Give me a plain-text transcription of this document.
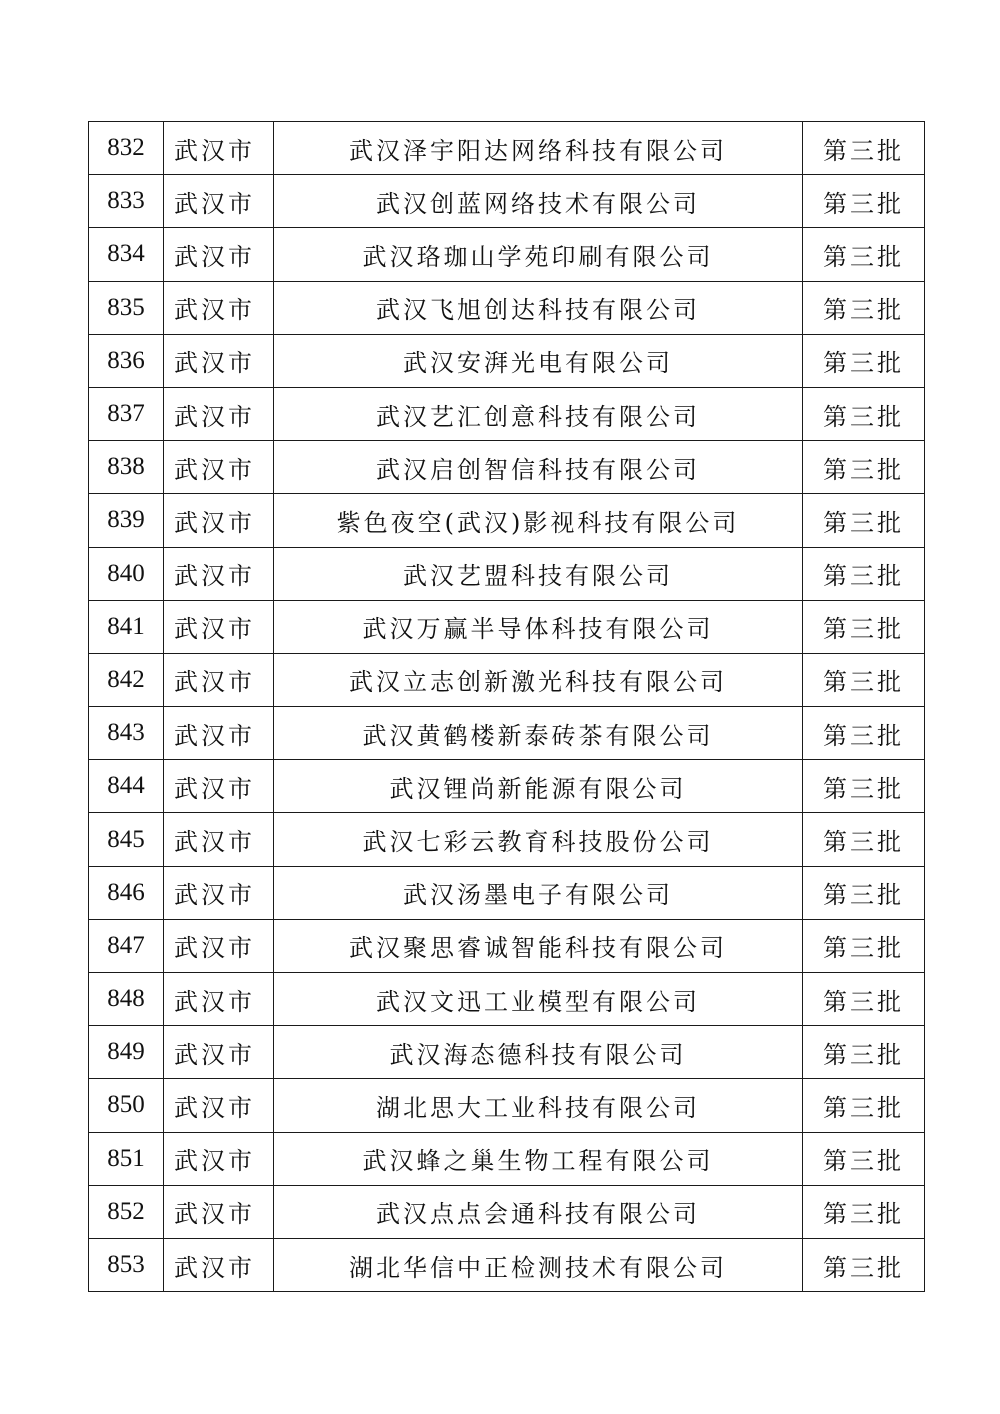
832	武汉市	武汉泽宇阳达网络科技有限公司	第三批
833	武汉市	武汉创蓝网络技术有限公司	第三批
834	武汉市	武汉珞珈山学苑印刷有限公司	第三批
835	武汉市	武汉飞旭创达科技有限公司	第三批
836	武汉市	武汉安湃光电有限公司	第三批
837	武汉市	武汉艺汇创意科技有限公司	第三批
838	武汉市	武汉启创智信科技有限公司	第三批
839	武汉市	紫色夜空(武汉)影视科技有限公司	第三批
840	武汉市	武汉艺盟科技有限公司	第三批
841	武汉市	武汉万赢半导体科技有限公司	第三批
842	武汉市	武汉立志创新激光科技有限公司	第三批
843	武汉市	武汉黄鹤楼新泰砖茶有限公司	第三批
844	武汉市	武汉锂尚新能源有限公司	第三批
845	武汉市	武汉七彩云教育科技股份公司	第三批
846	武汉市	武汉汤墨电子有限公司	第三批
847	武汉市	武汉聚思睿诚智能科技有限公司	第三批
848	武汉市	武汉文迅工业模型有限公司	第三批
849	武汉市	武汉海态德科技有限公司	第三批
850	武汉市	湖北思大工业科技有限公司	第三批
851	武汉市	武汉蜂之巢生物工程有限公司	第三批
852	武汉市	武汉点点会通科技有限公司	第三批
853	武汉市	湖北华信中正检测技术有限公司	第三批
